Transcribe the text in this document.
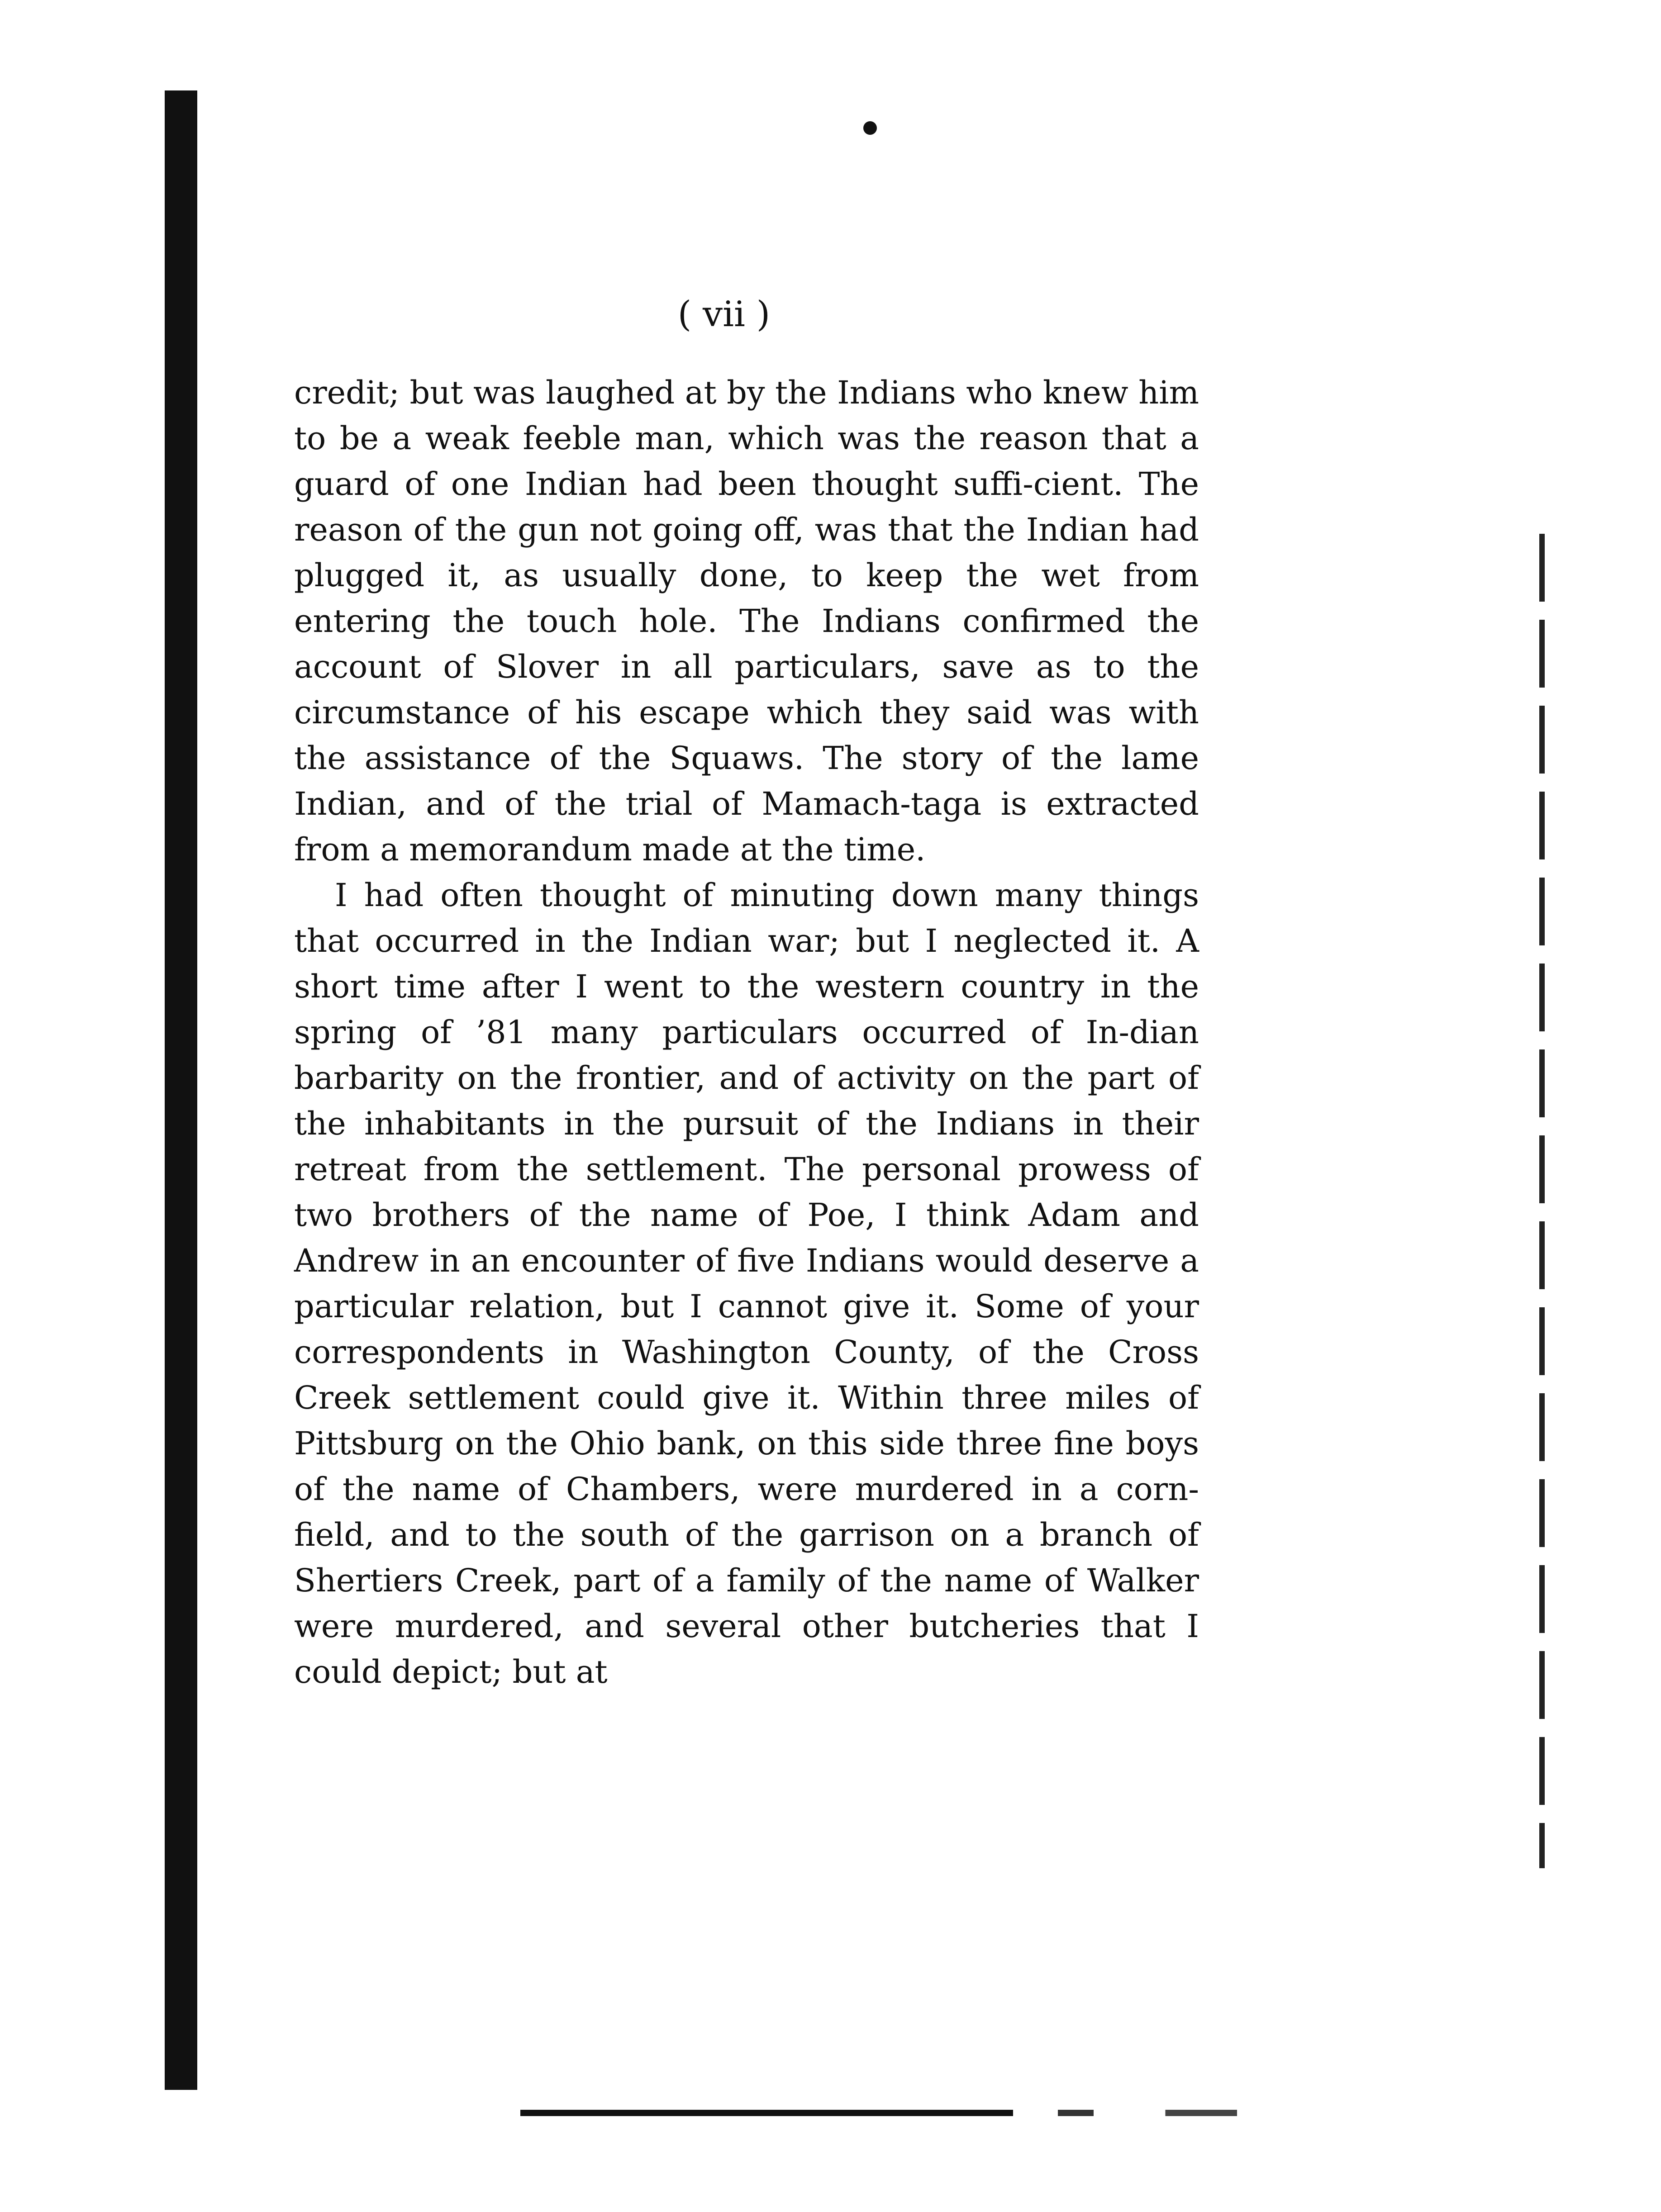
( vii )

credit; but was laughed at by the Indians who knew him to be a weak feeble man, which was the reason that a guard of one Indian had been thought suffi-cient. The reason of the gun not going off, was that the Indian had plugged it, as usually done, to keep the wet from entering the touch hole. The Indians confirmed the account of Slover in all particulars, save as to the circumstance of his escape which they said was with the assistance of the Squaws. The story of the lame Indian, and of the trial of Mamach-taga is extracted from a memorandum made at the time.

I had often thought of minuting down many things that occurred in the Indian war; but I neglected it. A short time after I went to the western country in the spring of ’81 many particulars occurred of In-dian barbarity on the frontier, and of activity on the part of the inhabitants in the pursuit of the Indians in their retreat from the settlement. The personal prowess of two brothers of the name of Poe, I think Adam and Andrew in an encounter of five Indians would deserve a particular relation, but I cannot give it. Some of your correspondents in Washington County, of the Cross Creek settlement could give it. Within three miles of Pittsburg on the Ohio bank, on this side three fine boys of the name of Chambers, were murdered in a corn-field, and to the south of the garrison on a branch of Shertiers Creek, part of a family of the name of Walker were murdered, and several other butcheries that I could depict; but at
